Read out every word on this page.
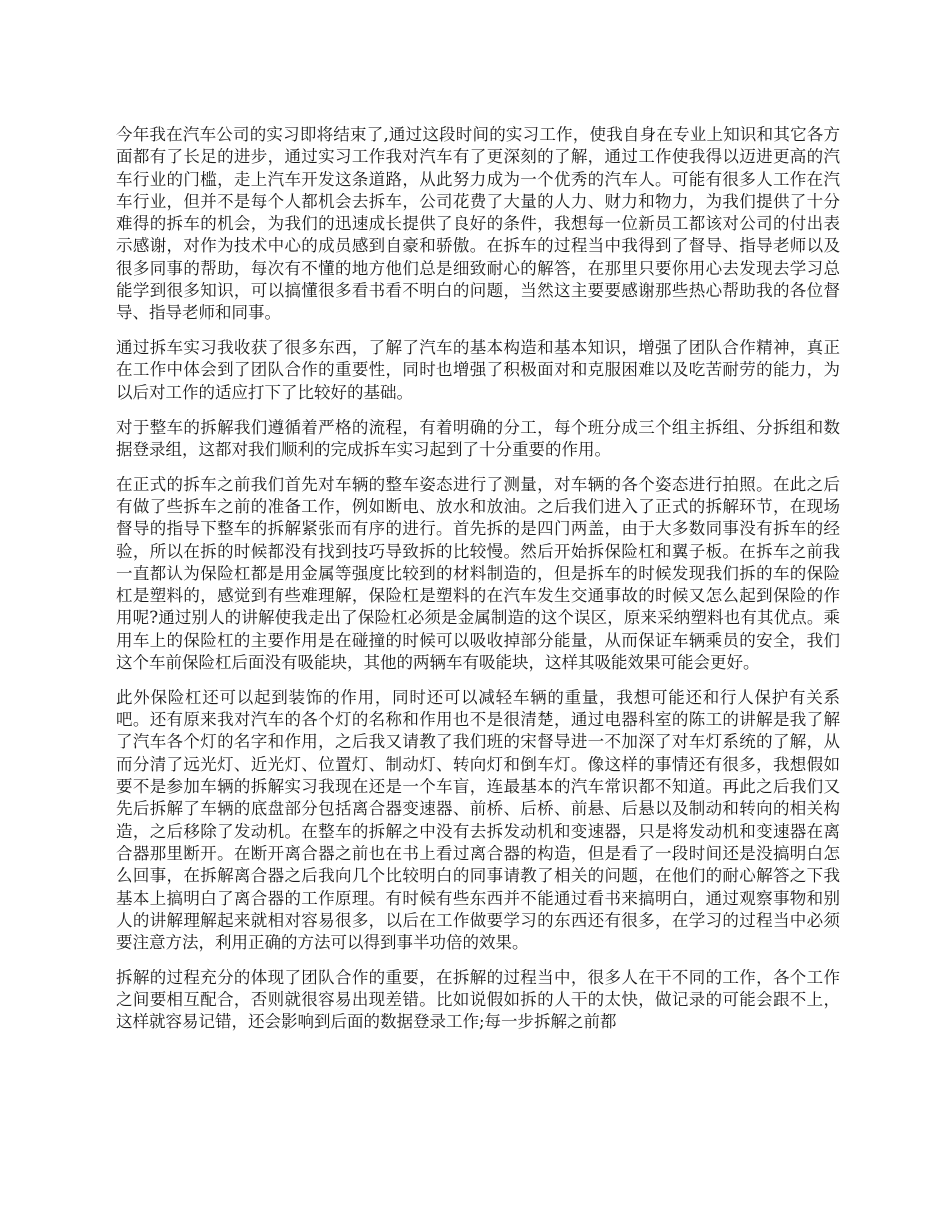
今年我在汽车公司的实习即将结束了,通过这段时间的实习工作，使我自身在专业上知识和其它各方面都有了长足的进步，通过实习工作我对汽车有了更深刻的了解，通过工作使我得以迈进更高的汽车行业的门槛，走上汽车开发这条道路，从此努力成为一个优秀的汽车人。可能有很多人工作在汽车行业，但并不是每个人都机会去拆车，公司花费了大量的人力、财力和物力，为我们提供了十分难得的拆车的机会，为我们的迅速成长提供了良好的条件，我想每一位新员工都该对公司的付出表示感谢，对作为技术中心的成员感到自豪和骄傲。在拆车的过程当中我得到了督导、指导老师以及很多同事的帮助，每次有不懂的地方他们总是细致耐心的解答，在那里只要你用心去发现去学习总能学到很多知识，可以搞懂很多看书看不明白的问题，当然这主要要感谢那些热心帮助我的各位督导、指导老师和同事。

通过拆车实习我收获了很多东西，了解了汽车的基本构造和基本知识，增强了团队合作精神，真正在工作中体会到了团队合作的重要性，同时也增强了积极面对和克服困难以及吃苦耐劳的能力，为以后对工作的适应打下了比较好的基础。

对于整车的拆解我们遵循着严格的流程，有着明确的分工，每个班分成三个组主拆组、分拆组和数据登录组，这都对我们顺利的完成拆车实习起到了十分重要的作用。

在正式的拆车之前我们首先对车辆的整车姿态进行了测量，对车辆的各个姿态进行拍照。在此之后有做了些拆车之前的准备工作，例如断电、放水和放油。之后我们进入了正式的拆解环节，在现场督导的指导下整车的拆解紧张而有序的进行。首先拆的是四门两盖，由于大多数同事没有拆车的经验，所以在拆的时候都没有找到技巧导致拆的比较慢。然后开始拆保险杠和翼子板。在拆车之前我一直都认为保险杠都是用金属等强度比较到的材料制造的，但是拆车的时候发现我们拆的车的保险杠是塑料的，感觉到有些难理解，保险杠是塑料的在汽车发生交通事故的时候又怎么起到保险的作用呢?通过别人的讲解使我走出了保险杠必须是金属制造的这个误区，原来采纳塑料也有其优点。乘用车上的保险杠的主要作用是在碰撞的时候可以吸收掉部分能量，从而保证车辆乘员的安全，我们这个车前保险杠后面没有吸能块，其他的两辆车有吸能块，这样其吸能效果可能会更好。

此外保险杠还可以起到装饰的作用，同时还可以减轻车辆的重量，我想可能还和行人保护有关系吧。还有原来我对汽车的各个灯的名称和作用也不是很清楚，通过电器科室的陈工的讲解是我了解了汽车各个灯的名字和作用，之后我又请教了我们班的宋督导进一不加深了对车灯系统的了解，从而分清了远光灯、近光灯、位置灯、制动灯、转向灯和倒车灯。像这样的事情还有很多，我想假如要不是参加车辆的拆解实习我现在还是一个车盲，连最基本的汽车常识都不知道。再此之后我们又先后拆解了车辆的底盘部分包括离合器变速器、前桥、后桥、前悬、后悬以及制动和转向的相关构造，之后移除了发动机。在整车的拆解之中没有去拆发动机和变速器，只是将发动机和变速器在离合器那里断开。在断开离合器之前也在书上看过离合器的构造，但是看了一段时间还是没搞明白怎么回事，在拆解离合器之后我向几个比较明白的同事请教了相关的问题，在他们的耐心解答之下我基本上搞明白了离合器的工作原理。有时候有些东西并不能通过看书来搞明白，通过观察事物和别人的讲解理解起来就相对容易很多，以后在工作做要学习的东西还有很多，在学习的过程当中必须要注意方法，利用正确的方法可以得到事半功倍的效果。

拆解的过程充分的体现了团队合作的重要，在拆解的过程当中，很多人在干不同的工作，各个工作之间要相互配合，否则就很容易出现差错。比如说假如拆的人干的太快，做记录的可能会跟不上，这样就容易记错，还会影响到后面的数据登录工作;每一步拆解之前都
